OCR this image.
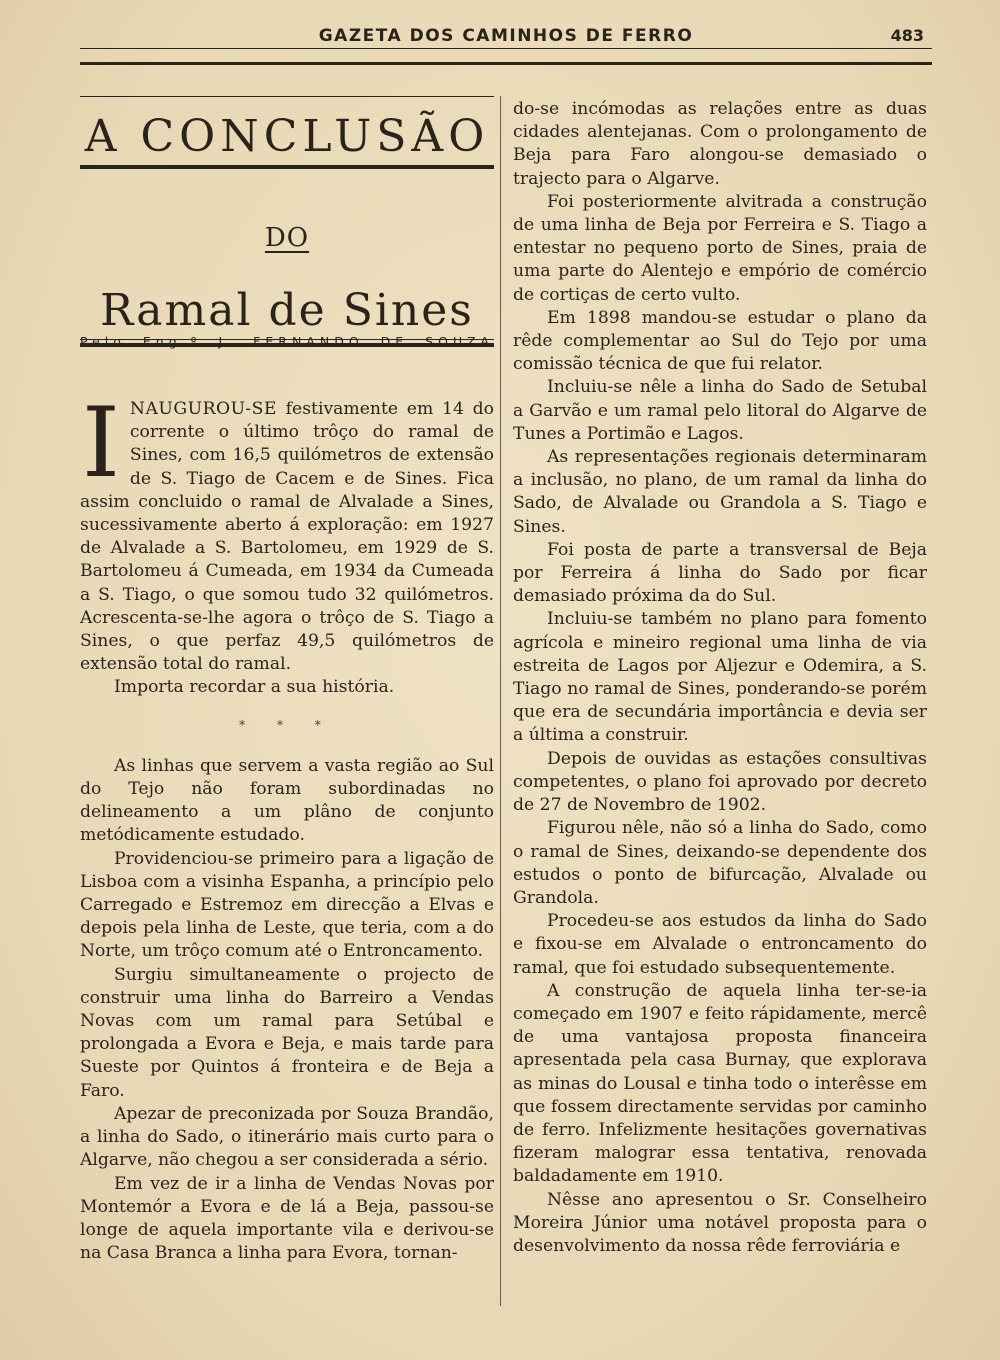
GAZETA DOS CAMINHOS DE FERRO	483
A CONCLUSÃO
DO
Ramal de Sines
Pelo Eng.º J. FERNANDO DE SOUZA

INAUGUROU-SE festivamente em 14 do corrente o último trôço do ramal de Sines, com 16,5 quilómetros de extensão de S. Tiago de Cacem e de Sines. Fica assim concluido o ramal de Alvalade a Sines, sucessivamente aberto á exploração: em 1927 de Alvalade a S. Bartolomeu, em 1929 de S. Bartolomeu á Cumeada, em 1934 da Cumeada a S. Tiago, o que somou tudo 32 quilómetros. Acrescenta-se-lhe agora o trôço de S. Tiago a Sines, o que perfaz 49,5 quilómetros de extensão total do ramal.

Importa recordar a sua história.

* * *

As linhas que servem a vasta região ao Sul do Tejo não foram subordinadas no delineamento a um plâno de conjunto metódicamente estudado.

Providenciou-se primeiro para a ligação de Lisboa com a visinha Espanha, a princípio pelo Carregado e Estremoz em direcção a Elvas e depois pela linha de Leste, que teria, com a do Norte, um trôço comum até o Entroncamento.

Surgiu simultaneamente o projecto de construir uma linha do Barreiro a Vendas Novas com um ramal para Setúbal e prolongada a Evora e Beja, e mais tarde para Sueste por Quintos á fronteira e de Beja a Faro.

Apezar de preconizada por Souza Brandão, a linha do Sado, o itinerário mais curto para o Algarve, não chegou a ser considerada a sério.

Em vez de ir a linha de Vendas Novas por Montemór a Evora e de lá a Beja, passou-se longe de aquela importante vila e derivou-se na Casa Branca a linha para Evora, tornan-

do-se incómodas as relações entre as duas cidades alentejanas. Com o prolongamento de Beja para Faro alongou-se demasiado o trajecto para o Algarve.

Foi posteriormente alvitrada a construção de uma linha de Beja por Ferreira e S. Tiago a entestar no pequeno porto de Sines, praia de uma parte do Alentejo e empório de comércio de cortiças de certo vulto.

Em 1898 mandou-se estudar o plano da rêde complementar ao Sul do Tejo por uma comissão técnica de que fui relator.

Incluiu-se nêle a linha do Sado de Setubal a Garvão e um ramal pelo litoral do Algarve de Tunes a Portimão e Lagos.

As representações regionais determinaram a inclusão, no plano, de um ramal da linha do Sado, de Alvalade ou Grandola a S. Tiago e Sines.

Foi posta de parte a transversal de Beja por Ferreira á linha do Sado por ficar demasiado próxima da do Sul.

Incluiu-se também no plano para fomento agrícola e mineiro regional uma linha de via estreita de Lagos por Aljezur e Odemira, a S. Tiago no ramal de Sines, ponderando-se porém que era de secundária importância e devia ser a última a construir.

Depois de ouvidas as estações consultivas competentes, o plano foi aprovado por decreto de 27 de Novembro de 1902.

Figurou nêle, não só a linha do Sado, como o ramal de Sines, deixando-se dependente dos estudos o ponto de bifurcação, Alvalade ou Grandola.

Procedeu-se aos estudos da linha do Sado e fixou-se em Alvalade o entroncamento do ramal, que foi estudado subsequentemente.

A construção de aquela linha ter-se-ia começado em 1907 e feito rápidamente, mercê de uma vantajosa proposta financeira apresentada pela casa Burnay, que explorava as minas do Lousal e tinha todo o interêsse em que fossem directamente servidas por caminho de ferro. Infelizmente hesitações governativas fizeram malograr essa tentativa, renovada baldadamente em 1910.

Nêsse ano apresentou o Sr. Conselheiro Moreira Júnior uma notável proposta para o desenvolvimento da nossa rêde ferroviária e
